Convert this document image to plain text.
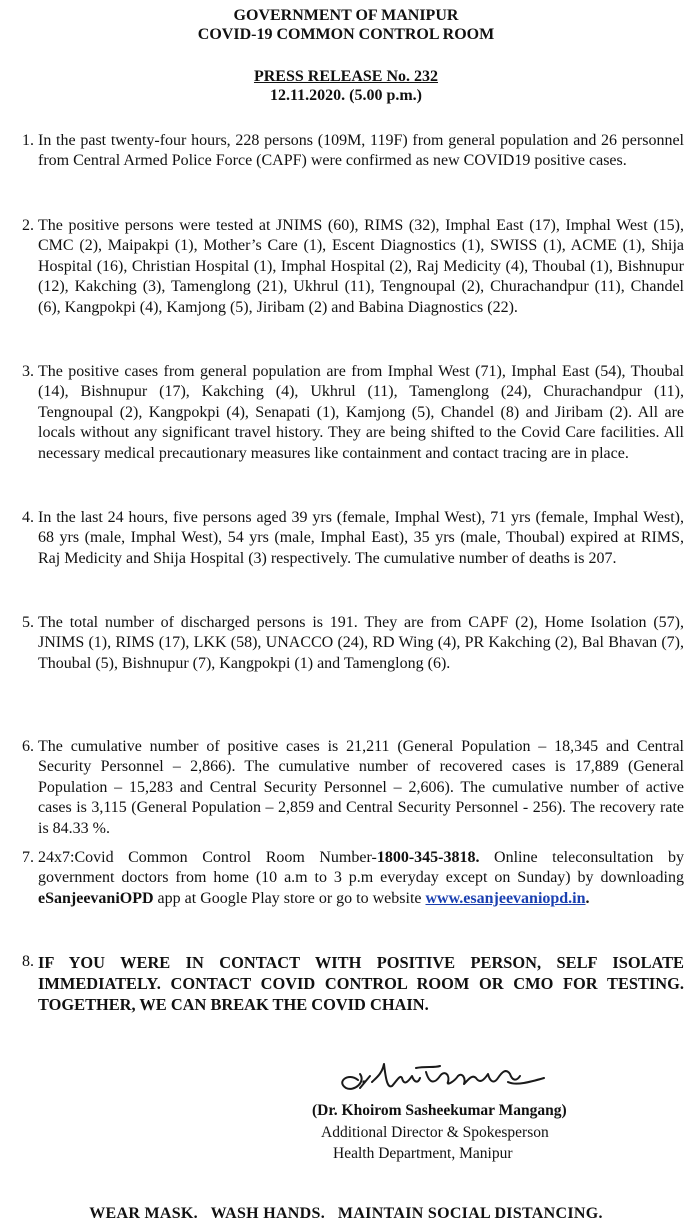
GOVERNMENT OF MANIPUR
COVID-19 COMMON CONTROL ROOM
PRESS RELEASE No. 232
12.11.2020. (5.00 p.m.)
1. In the past twenty-four hours, 228 persons (109M, 119F) from general population and 26 personnel from Central Armed Police Force (CAPF) were confirmed as new COVID19 positive cases.
2. The positive persons were tested at JNIMS (60), RIMS (32), Imphal East (17), Imphal West (15), CMC (2), Maipakpi (1), Mother’s Care (1), Escent Diagnostics (1), SWISS (1), ACME (1), Shija Hospital (16), Christian Hospital (1), Imphal Hospital (2), Raj Medicity (4), Thoubal (1), Bishnupur (12), Kakching (3), Tamenglong (21), Ukhrul (11), Tengnoupal (2), Churachandpur (11), Chandel (6), Kangpokpi (4), Kamjong (5), Jiribam (2) and Babina Diagnostics (22).
3. The positive cases from general population are from Imphal West (71), Imphal East (54), Thoubal (14), Bishnupur (17), Kakching (4), Ukhrul (11), Tamenglong (24), Churachandpur (11), Tengnoupal (2), Kangpokpi (4), Senapati (1), Kamjong (5), Chandel (8) and Jiribam (2). All are locals without any significant travel history. They are being shifted to the Covid Care facilities. All necessary medical precautionary measures like containment and contact tracing are in place.
4. In the last 24 hours, five persons aged 39 yrs (female, Imphal West), 71 yrs (female, Imphal West), 68 yrs (male, Imphal West), 54 yrs (male, Imphal East), 35 yrs (male, Thoubal) expired at RIMS, Raj Medicity and Shija Hospital (3) respectively. The cumulative number of deaths is 207.
5. The total number of discharged persons is 191. They are from CAPF (2), Home Isolation (57), JNIMS (1), RIMS (17), LKK (58), UNACCO (24), RD Wing (4), PR Kakching (2), Bal Bhavan (7), Thoubal (5), Bishnupur (7), Kangpokpi (1) and Tamenglong (6).
6. The cumulative number of positive cases is 21,211 (General Population – 18,345 and Central Security Personnel – 2,866). The cumulative number of recovered cases is 17,889 (General Population – 15,283 and Central Security Personnel – 2,606). The cumulative number of active cases is 3,115 (General Population – 2,859 and Central Security Personnel - 256). The recovery rate is 84.33 %.
7. 24x7:Covid Common Control Room Number-1800-345-3818. Online teleconsultation by government doctors from home (10 a.m to 3 p.m everyday except on Sunday) by downloading eSanjeevaniOPD app at Google Play store or go to website www.esanjeevaniopd.in.
8. IF YOU WERE IN CONTACT WITH POSITIVE PERSON, SELF ISOLATE IMMEDIATELY. CONTACT COVID CONTROL ROOM OR CMO FOR TESTING. TOGETHER, WE CAN BREAK THE COVID CHAIN.
(Dr. Khoirom Sasheekumar Mangang)
Additional Director & Spokesperson
Health Department, Manipur
WEAR MASK.   WASH HANDS.   MAINTAIN SOCIAL DISTANCING.
